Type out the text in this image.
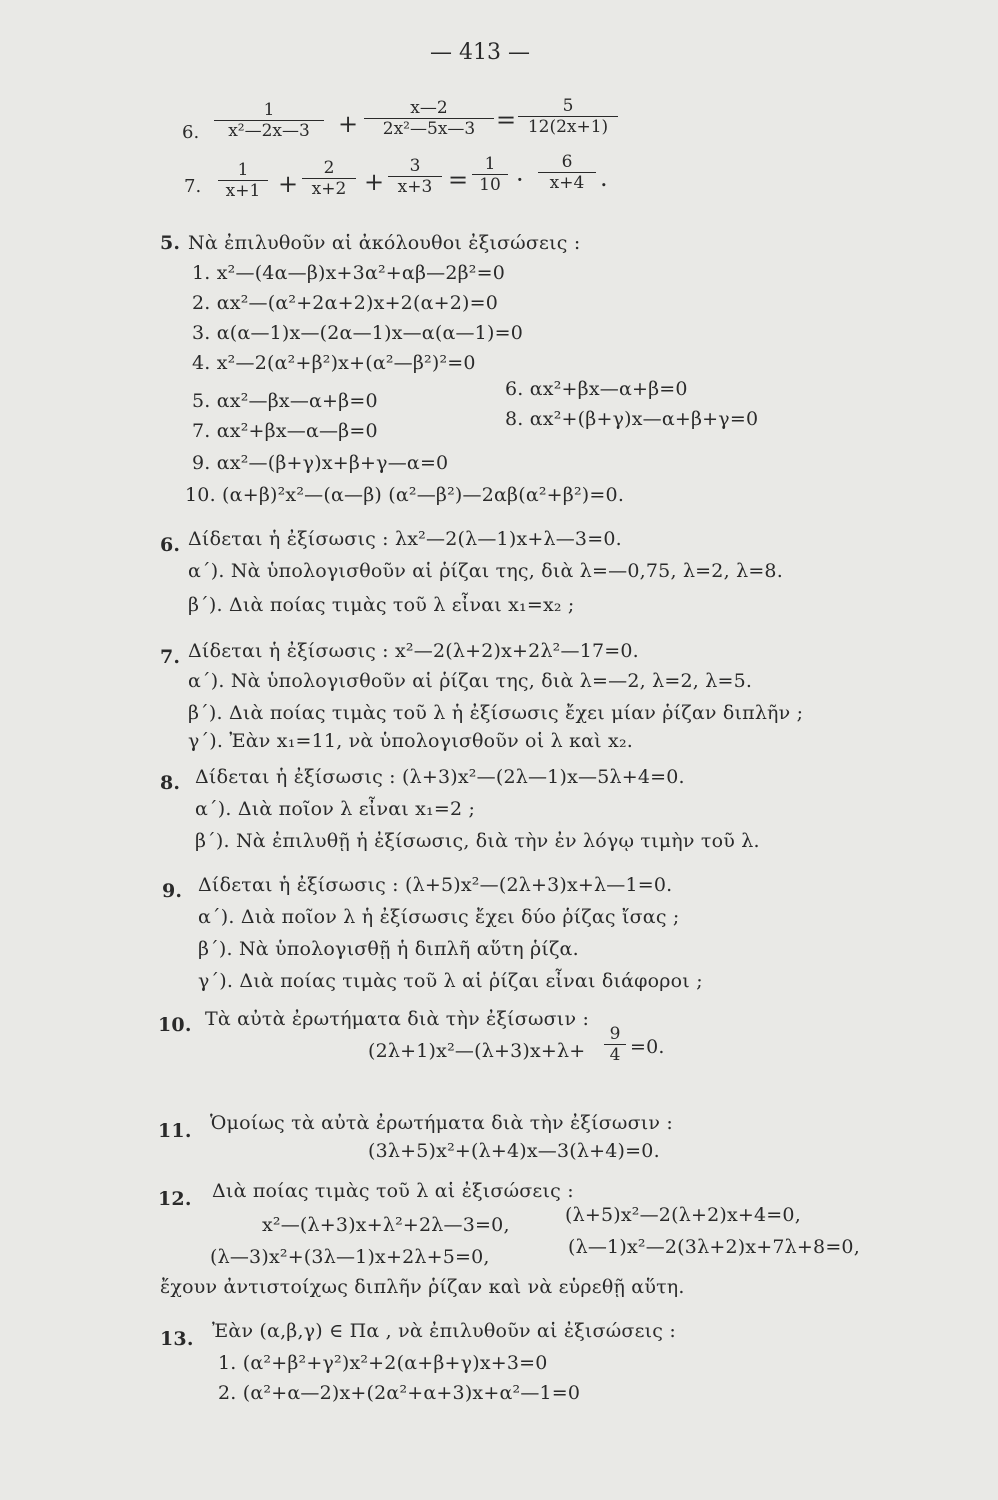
— 413 —
6. $\frac{1}{\text{x²—2x—3}} + \frac{x—2}{\text{2x²—5x—3}} = \frac{5}{12(2x+1)}$
7. $\frac{1}{x+1} + \frac{2}{x+2} + \frac{3}{x+3} = \frac{1}{10} \cdot \frac{6}{x+4}$ .
5. Νὰ ἐπιλυθοῦν αἱ ἀκόλουθοι ἐξισώσεις :
1. x²—(4α—β)x+3α²+αβ—2β²=0
2. αx²—(α²+2α+2)x+2(α+2)=0
3. α(α—1)x—(2α—1)x—α(α—1)=0
4. x²—2(α²+β²)x+(α²—β²)²=0
5. αx²—βx—α+β=0
6. αx²+βx—α+β=0
7. αx²+βx—α—β=0
8. αx²+(β+γ)x—α+β+γ=0
9. αx²—(β+γ)x+β+γ—α=0
10. (α+β)²x²—(α—β) (α²—β²)—2αβ(α²+β²)=0.
6. Δίδεται ἡ ἐξίσωσις : λx²—2(λ—1)x+λ—3=0.
α΄). Νὰ ὑπολογισθοῦν αἱ ῥίζαι της, διὰ λ=—0,75, λ=2, λ=8.
β΄). Διὰ ποίας τιμὰς τοῦ λ εἶναι x₁=x₂ ;
7. Δίδεται ἡ ἐξίσωσις : x²—2(λ+2)x+2λ²—17=0.
α΄). Νὰ ὑπολογισθοῦν αἱ ῥίζαι της, διὰ λ=—2, λ=2, λ=5.
β΄). Διὰ ποίας τιμὰς τοῦ λ ἡ ἐξίσωσις ἔχει μίαν ῥίζαν διπλῆν ;
γ΄). Ἐὰν x₁=11, νὰ ὑπολογισθοῦν οἱ λ καὶ x₂.
8. Δίδεται ἡ ἐξίσωσις : (λ+3)x²—(2λ—1)x—5λ+4=0.
α΄). Διὰ ποῖον λ εἶναι x₁=2 ;
β΄). Νὰ ἐπιλυθῇ ἡ ἐξίσωσις, διὰ τὴν ἐν λόγῳ τιμὴν τοῦ λ.
9. Δίδεται ἡ ἐξίσωσις : (λ+5)x²—(2λ+3)x+λ—1=0.
α΄). Διὰ ποῖον λ ἡ ἐξίσωσις ἔχει δύο ῥίζας ἴσας ;
β΄). Νὰ ὑπολογισθῇ ἡ διπλῆ αὕτη ῥίζα.
γ΄). Διὰ ποίας τιμὰς τοῦ λ αἱ ῥίζαι εἶναι διάφοροι ;
10. Τὰ αὐτὰ ἐρωτήματα διὰ τὴν ἐξίσωσιν :
11. Ὁμοίως τὰ αὐτὰ ἐρωτήματα διὰ τὴν ἐξίσωσιν :
(3λ+5)x²+(λ+4)x—3(λ+4)=0.
12. Διὰ ποίας τιμὰς τοῦ λ αἱ ἐξισώσεις :
x²—(λ+3)x+λ²+2λ—3=0,	(λ+5)x²—2(λ+2)x+4=0,
(λ—3)x²+(3λ—1)x+2λ+5=0,	(λ—1)x²—2(3λ+2)x+7λ+8=0,
ἔχουν ἀντιστοίχως διπλῆν ῥίζαν καὶ νὰ εὑρεθῇ αὕτη.
13. Ἐὰν (α,β,γ) ∈ Πα , νὰ ἐπιλυθοῦν αἱ ἐξισώσεις :
1. (α²+β²+γ²)x²+2(α+β+γ)x+3=0
2. (α²+α—2)x+(2α²+α+3)x+α²—1=0
(2λ+1)x²—(λ+3)x+λ+ $\frac{9}{4} =0$.
